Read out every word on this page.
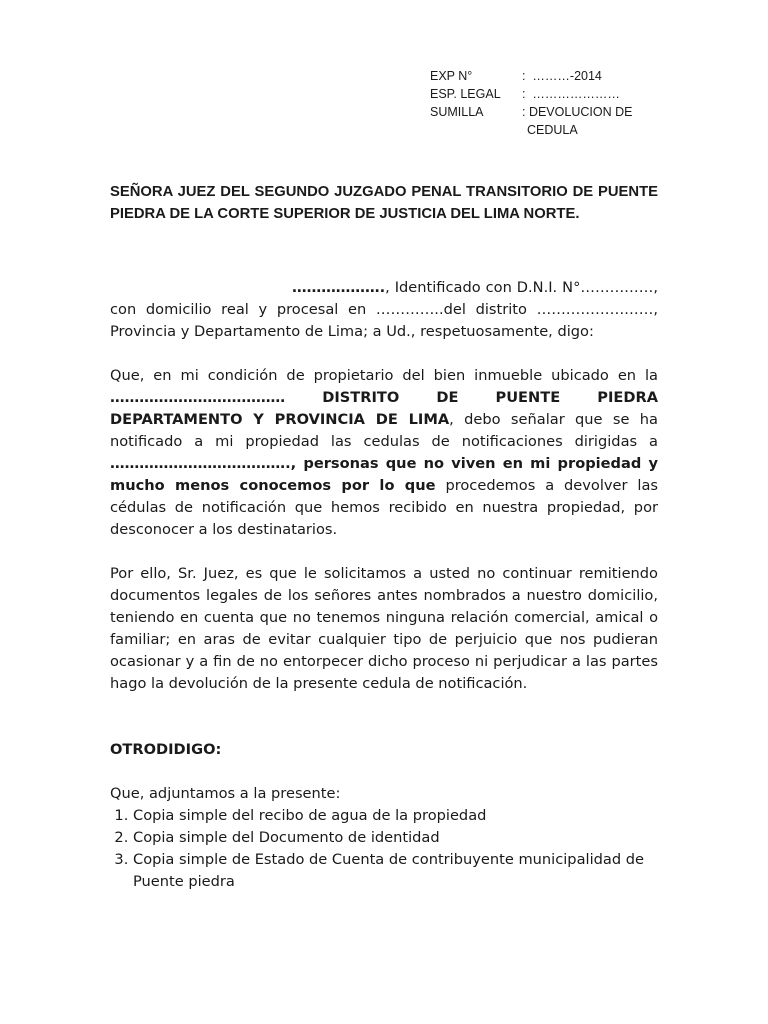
EXP N°	:  ………-2014
ESP. LEGAL	:  …………………
SUMILLA	: DEVOLUCION DE
CEDULA

SEÑORA JUEZ DEL SEGUNDO JUZGADO PENAL TRANSITORIO DE PUENTE PIEDRA DE LA CORTE SUPERIOR DE JUSTICIA DEL LIMA NORTE.

………………., Identificado con D.N.I. N°……………, con domicilio real y procesal en …………..del distrito ……………………, Provincia y Departamento de Lima; a Ud., respetuosamente, digo:

Que, en mi condición de propietario del bien inmueble ubicado en la ……………………………… DISTRITO DE PUENTE PIEDRA DEPARTAMENTO Y PROVINCIA DE LIMA, debo señalar que se ha notificado a mi propiedad las cedulas de notificaciones dirigidas a ………………………………., personas que no viven en mi propiedad y mucho menos conocemos por lo que procedemos a devolver las cédulas de notificación que hemos recibido en nuestra propiedad, por desconocer a los destinatarios.

Por ello, Sr. Juez, es que le solicitamos a usted no continuar remitiendo documentos legales de los señores antes nombrados a nuestro domicilio, teniendo en cuenta que no tenemos ninguna relación comercial, amical o familiar; en aras de evitar cualquier tipo de perjuicio que nos pudieran ocasionar y a fin de no entorpecer dicho proceso ni perjudicar a las partes hago la devolución de la presente cedula de notificación.

OTRODIDIGO:
Que, adjuntamos a la presente:
1. Copia simple del recibo de agua de la propiedad
2. Copia simple del Documento de identidad
3. Copia simple de Estado de Cuenta de contribuyente municipalidad de Puente piedra
